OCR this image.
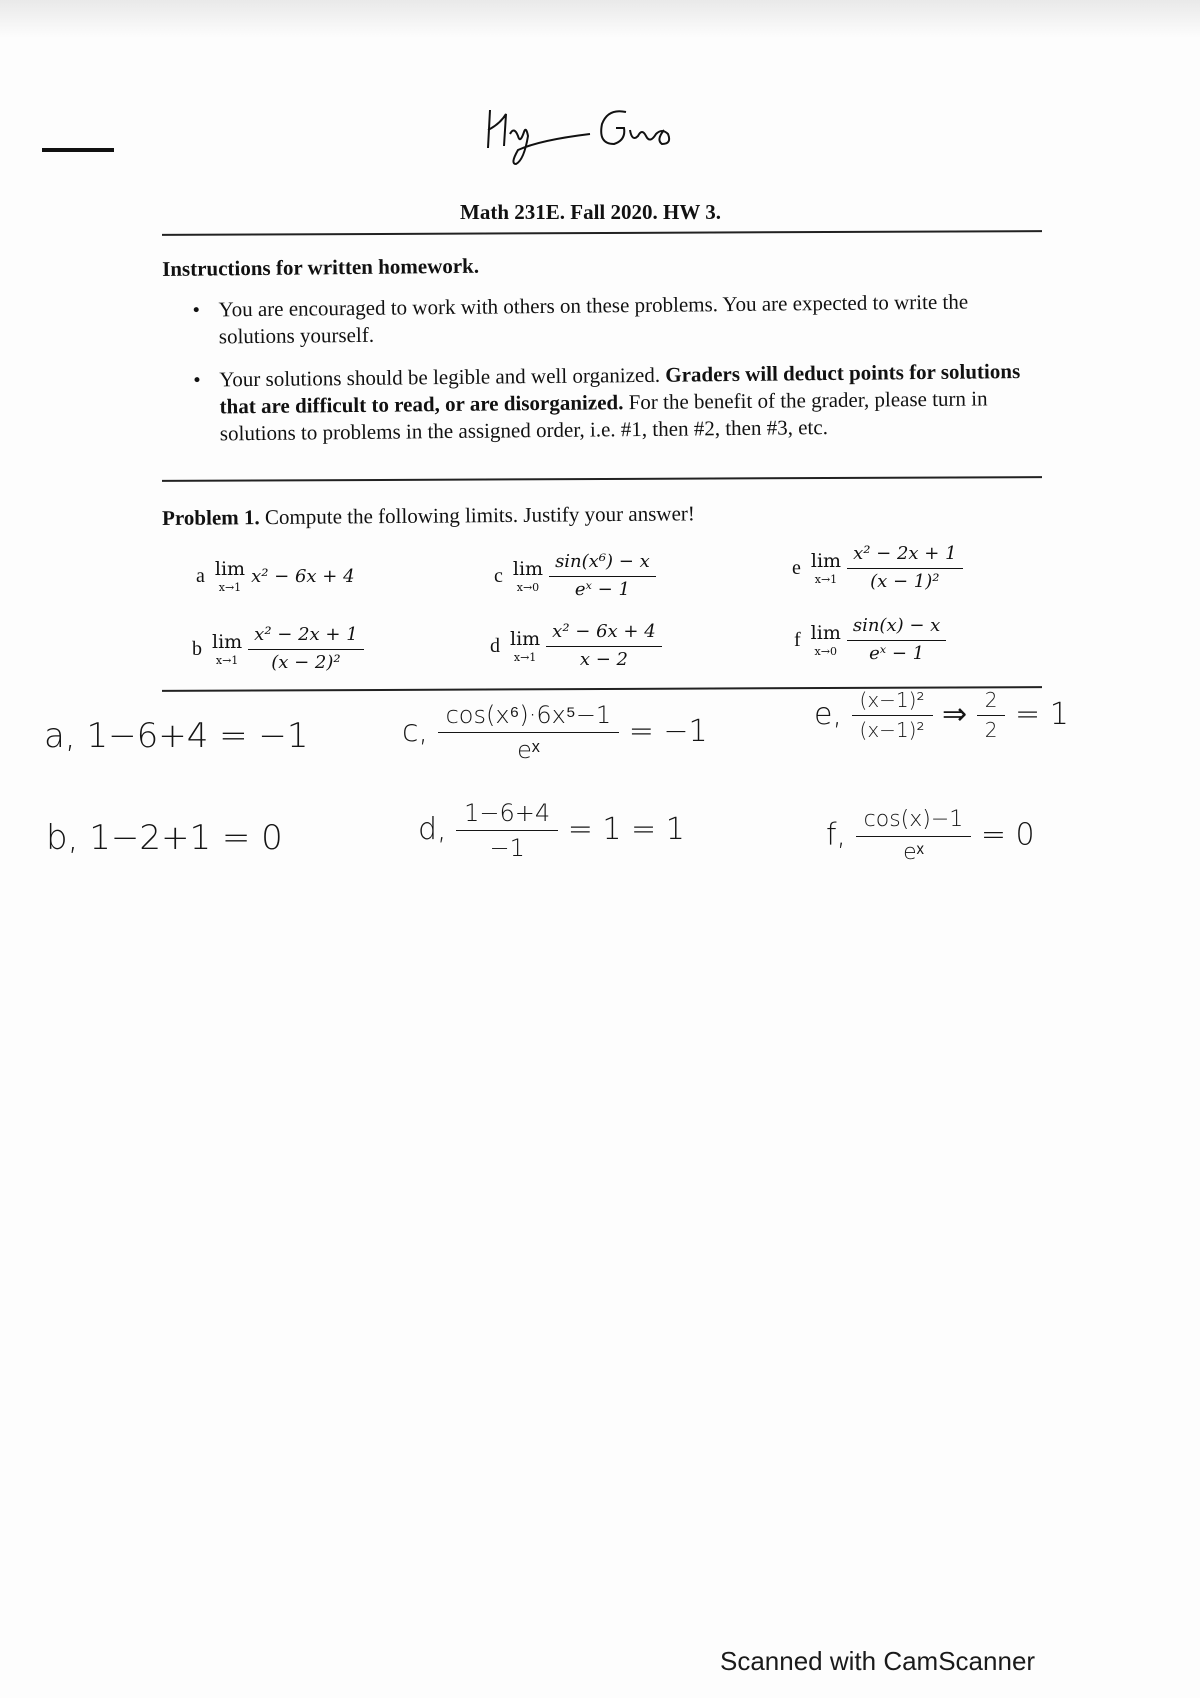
Math 231E. Fall 2020. HW 3.
Instructions for written homework.
• You are encouraged to work with others on these problems. You are expected to write the solutions yourself.
• Your solutions should be legible and well organized. Graders will deduct points for solutions that are difficult to read, or are disorganized. For the benefit of the grader, please turn in solutions to problems in the assigned order, i.e. #1, then #2, then #3, etc.
Problem 1. Compute the following limits. Justify your answer!
a lim
x→1
x² − 6x + 4
b lim
$x\to 1 \frac{\text{x² − 2x + 1}}{\text{(x − 2)²}}$
c lim
$x\to 0 \frac{\text{sin(x⁶) − x}}{\text{eˣ − 1}}$
d lim
$x\to 1 \frac{\text{x² − 6x + 4}}{x - 2}$
e lim
$x\to 1 \frac{\text{x² − 2x + 1}}{\text{(x − 1)²}}$
f lim
$x\to 0 \frac{\sin(x) - x}{\text{eˣ − 1}}$
a, 1−6+4 = −1
b, 1−2+1 = 0
c, $\frac{\text{cos(x⁶)·6x⁵−1}}{\text{eˣ}} = -1$
d, $\frac{1-6+4}{-1} = 1 = 1$
e, $\frac{\text{(x−1)²}}{\text{(x−1)²}}$ ⇒ $\frac{2}{2} = 1$
f, $\frac{\cos(x)-1}{\text{eˣ}} = 0$
Scanned with CamScanner
